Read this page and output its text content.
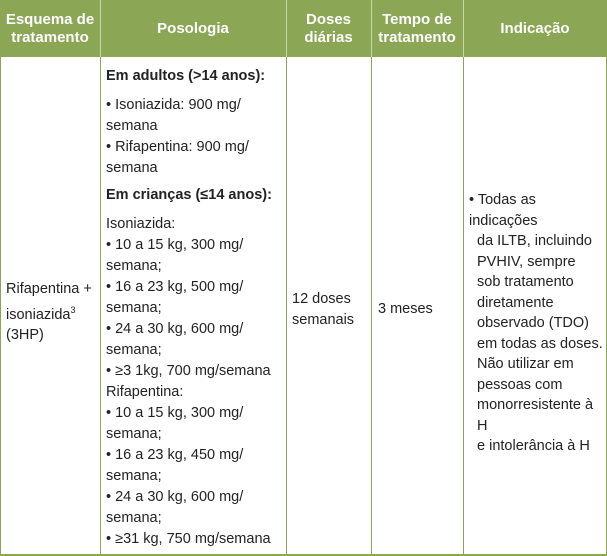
Esquema de tratamento
Posologia
Doses diárias
Tempo de tratamento
Indicação
Rifapentina + isoniazida$^3$
(3HP)
Em adultos (>14 anos):
• Isoniazida: 900 mg/
semana
• Rifapentina: 900 mg/
semana
Em crianças (≤14 anos):
Isoniazida:
• 10 a 15 kg, 300 mg/
semana;
• 16 a 23 kg, 500 mg/
semana;
• 24 a 30 kg, 600 mg/
semana;
• ≥3 1kg, 700 mg/semana
Rifapentina:
• 10 a 15 kg, 300 mg/
semana;
• 16 a 23 kg, 450 mg/
semana;
• 24 a 30 kg, 600 mg/
semana;
• ≥31 kg, 750 mg/semana
12 doses
semanais
3 meses
• Todas as indicações
da ILTB, incluindo
PVHIV, sempre
sob tratamento
diretamente
observado (TDO)
em todas as doses.
Não utilizar em
pessoas com
monorresistente à H
e intolerância à H
